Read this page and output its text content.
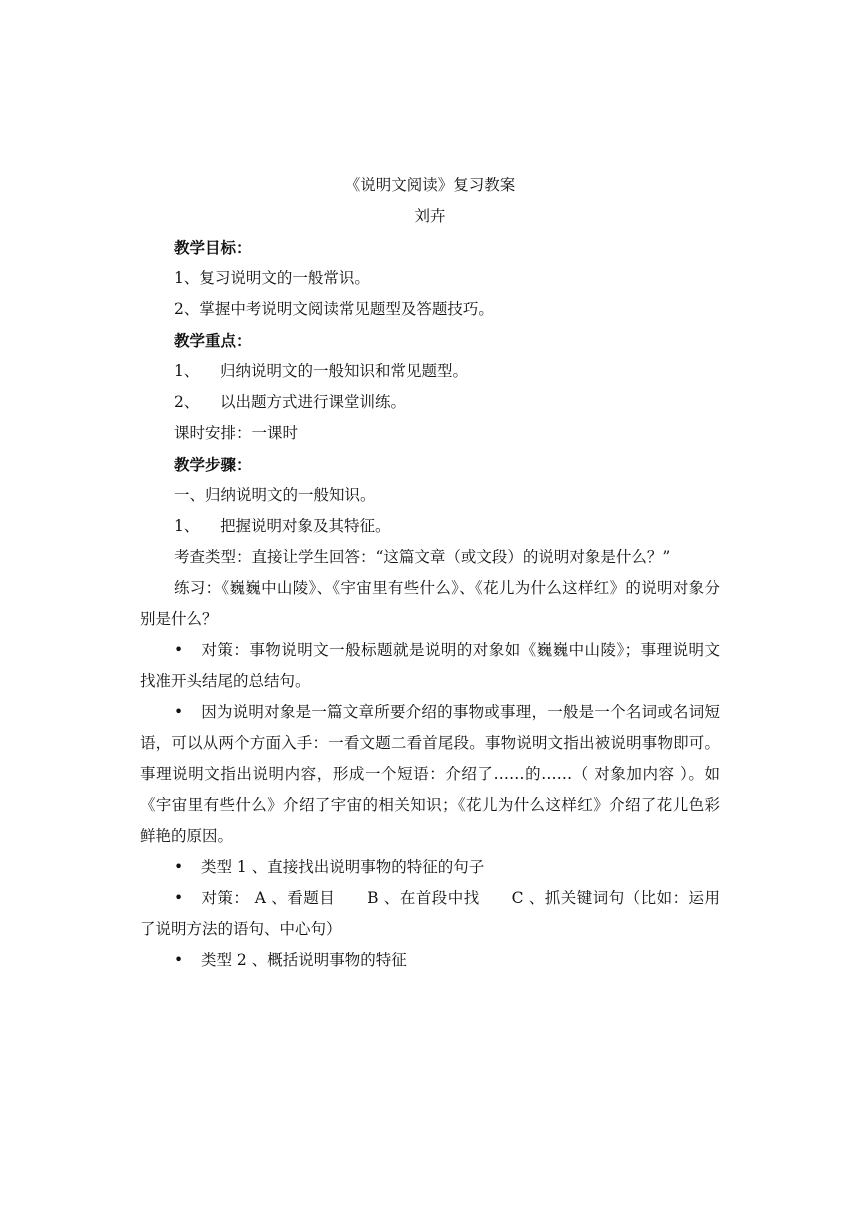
《说明文阅读》复习教案
刘卉
教学目标：
1、复习说明文的一般常识。
2、掌握中考说明文阅读常见题型及答题技巧。
教学重点：
1、 归纳说明文的一般知识和常见题型。
2、 以出题方式进行课堂训练。
课时安排：一课时
教学步骤：
一、归纳说明文的一般知识。
1、 把握说明对象及其特征。
考查类型：直接让学生回答：“这篇文章（或文段）的说明对象是什么？”
练习：《巍巍中山陵》、《宇宙里有些什么》、《花儿为什么这样红》的说明对象分别是什么？
• 对策：事物说明文一般标题就是说明的对象如《巍巍中山陵》；事理说明文找准开头结尾的总结句。
• 因为说明对象是一篇文章所要介绍的事物或事理，一般是一个名词或名词短语，可以从两个方面入手：一看文题二看首尾段。事物说明文指出被说明事物即可。事理说明文指出说明内容，形成一个短语：介绍了……的……（ 对象加内容 ）。如《宇宙里有些什么》介绍了宇宙的相关知识；《花儿为什么这样红》介绍了花儿色彩鲜艳的原因。
• 类型 1 、直接找出说明事物的特征的句子
• 对策： A 、看题目　　B 、在首段中找　　C 、抓关键词句（比如：运用了说明方法的语句、中心句）
• 类型 2 、概括说明事物的特征
